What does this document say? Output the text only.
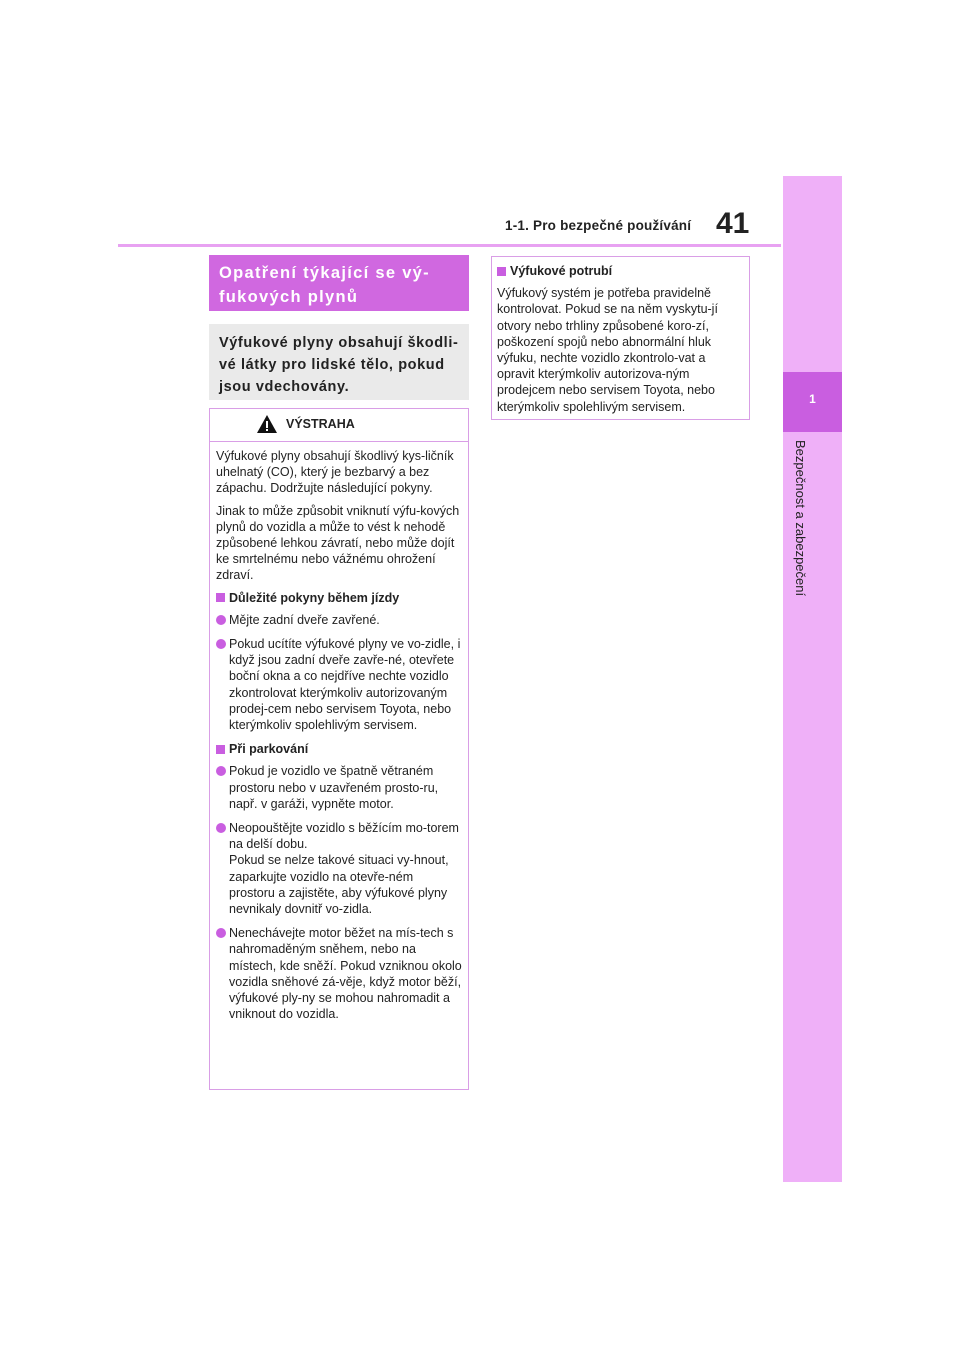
1-1. Pro bezpečné používání 41
1
Bezpečnost a zabezpečení
Opatření týkající se vý-fukových plynů
Výfukové plyny obsahují škodli-vé látky pro lidské tělo, pokud jsou vdechovány.
VÝSTRAHA

Výfukové plyny obsahují škodlivý kys-ličník uhelnatý (CO), který je bezbarvý a bez zápachu. Dodržujte následující pokyny.

Jinak to může způsobit vniknutí výfu-kových plynů do vozidla a může to vést k nehodě způsobené lehkou závratí, nebo může dojít ke smrtelnému nebo vážnému ohrožení zdraví.

Důležité pokyny během jízdy
Mějte zadní dveře zavřené.
Pokud ucítíte výfukové plyny ve vo-zidle, i když jsou zadní dveře zavře-né, otevřete boční okna a co nejdříve nechte vozidlo zkontrolovat kterýmkoliv autorizovaným prodej-cem nebo servisem Toyota, nebo kterýmkoliv spolehlivým servisem.
Při parkování
Pokud je vozidlo ve špatně větraném prostoru nebo v uzavřeném prosto-ru, např. v garáži, vypněte motor.
Neopouštějte vozidlo s běžícím mo-torem na delší dobu.
Pokud se nelze takové situaci vy-hnout, zaparkujte vozidlo na otevře-ném prostoru a zajistěte, aby výfukové plyny nevnikaly dovnitř vo-zidla.
Nenechávejte motor běžet na mís-tech s nahromaděným sněhem, nebo na místech, kde sněží. Pokud vzniknou okolo vozidla sněhové zá-věje, když motor běží, výfukové ply-ny se mohou nahromadit a vniknout do vozidla.
Výfukové potrubí
Výfukový systém je potřeba pravidelně kontrolovat. Pokud se na něm vyskytu-jí otvory nebo trhliny způsobené koro-zí, poškození spojů nebo abnormální hluk výfuku, nechte vozidlo zkontrolo-vat a opravit kterýmkoliv autorizova-ným prodejcem nebo servisem Toyota, nebo kterýmkoliv spolehlivým servisem.
